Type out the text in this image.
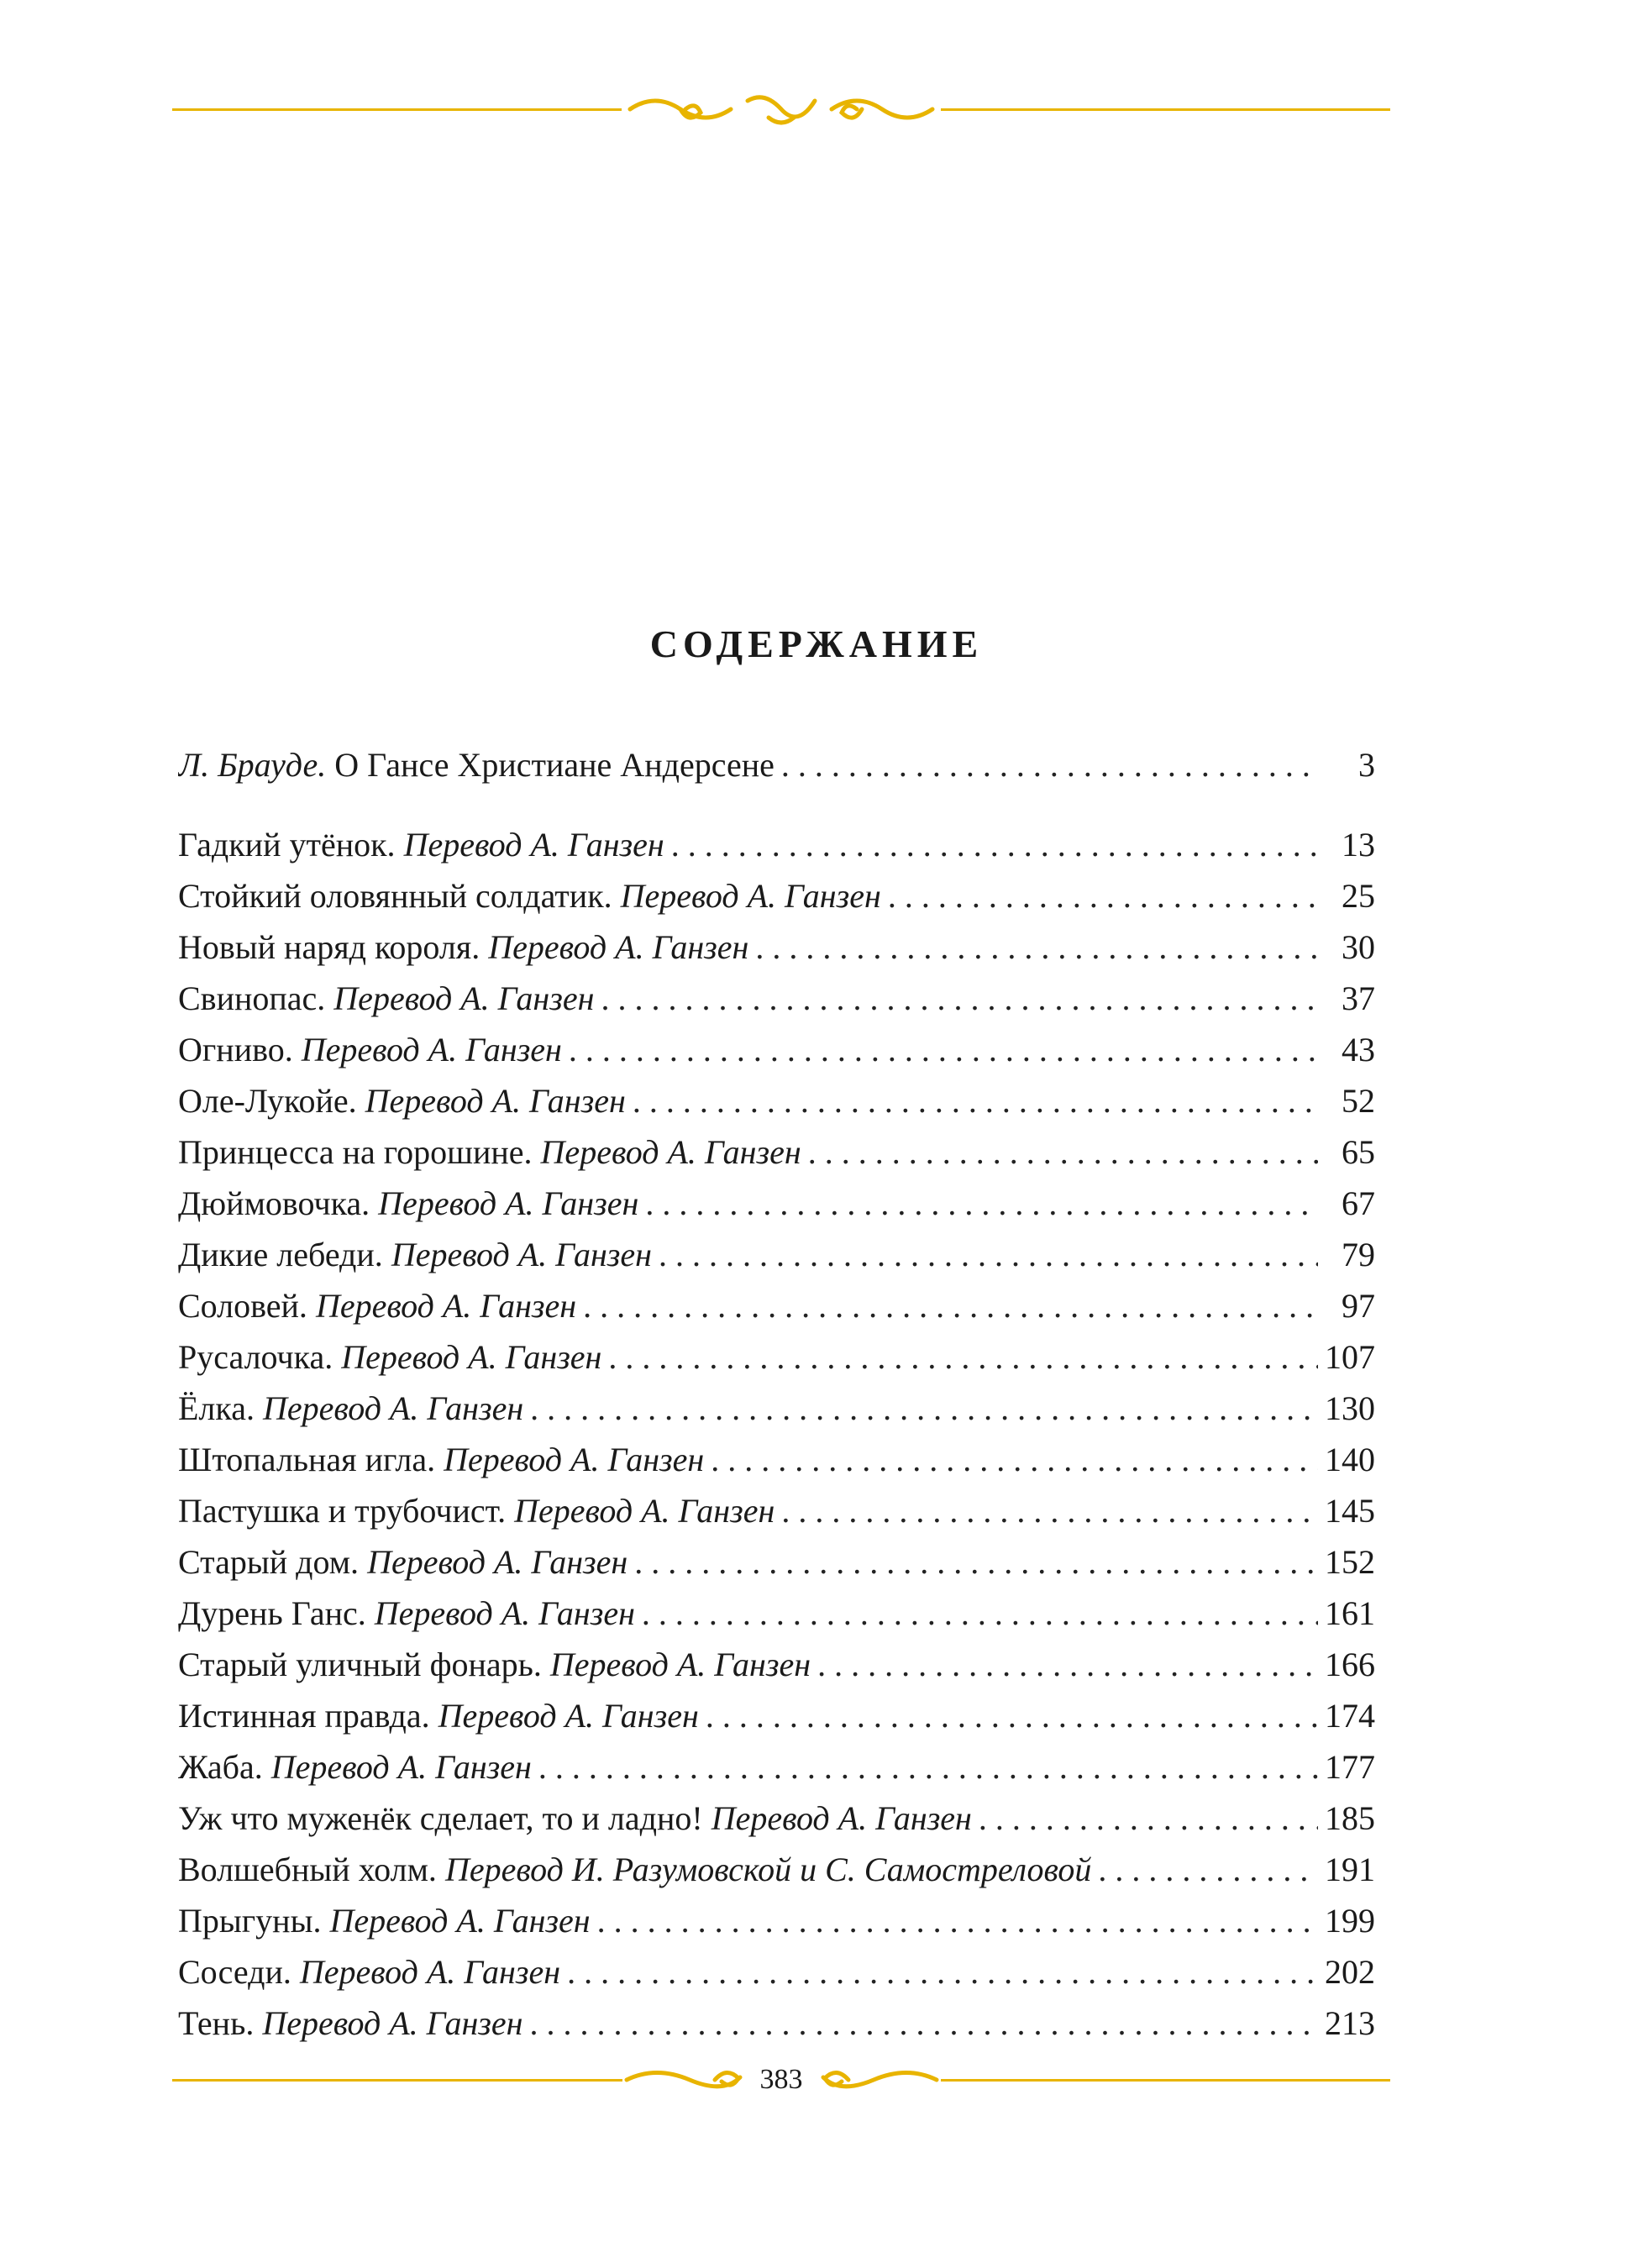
СОДЕРЖАНИЕ
Л. Брауде. О Гансе Христиане Андерсене . . .	3
Гадкий утёнок. Перевод А. Ганзен . . .	13
Стойкий оловянный солдатик. Перевод А. Ганзен . . .	25
Новый наряд короля. Перевод А. Ганзен . . .	30
Свинопас. Перевод А. Ганзен . . .	37
Огниво. Перевод А. Ганзен . . .	43
Оле-Лукойе. Перевод А. Ганзен . . .	52
Принцесса на горошине. Перевод А. Ганзен . . .	65
Дюймовочка. Перевод А. Ганзен . . .	67
Дикие лебеди. Перевод А. Ганзен . . .	79
Соловей. Перевод А. Ганзен . . .	97
Русалочка. Перевод А. Ганзен . . .	107
Ёлка. Перевод А. Ганзен . . .	130
Штопальная игла. Перевод А. Ганзен . . .	140
Пастушка и трубочист. Перевод А. Ганзен . . .	145
Старый дом. Перевод А. Ганзен . . .	152
Дурень Ганс. Перевод А. Ганзен . . .	161
Старый уличный фонарь. Перевод А. Ганзен . . .	166
Истинная правда. Перевод А. Ганзен . . .	174
Жаба. Перевод А. Ганзен . . .	177
Уж что муженёк сделает, то и ладно! Перевод А. Ганзен . . .	185
Волшебный холм. Перевод И. Разумовской и С. Самостреловой . . .	191
Прыгуны. Перевод А. Ганзен . . .	199
Соседи. Перевод А. Ганзен . . .	202
Тень. Перевод А. Ганзен . . .	213
383
